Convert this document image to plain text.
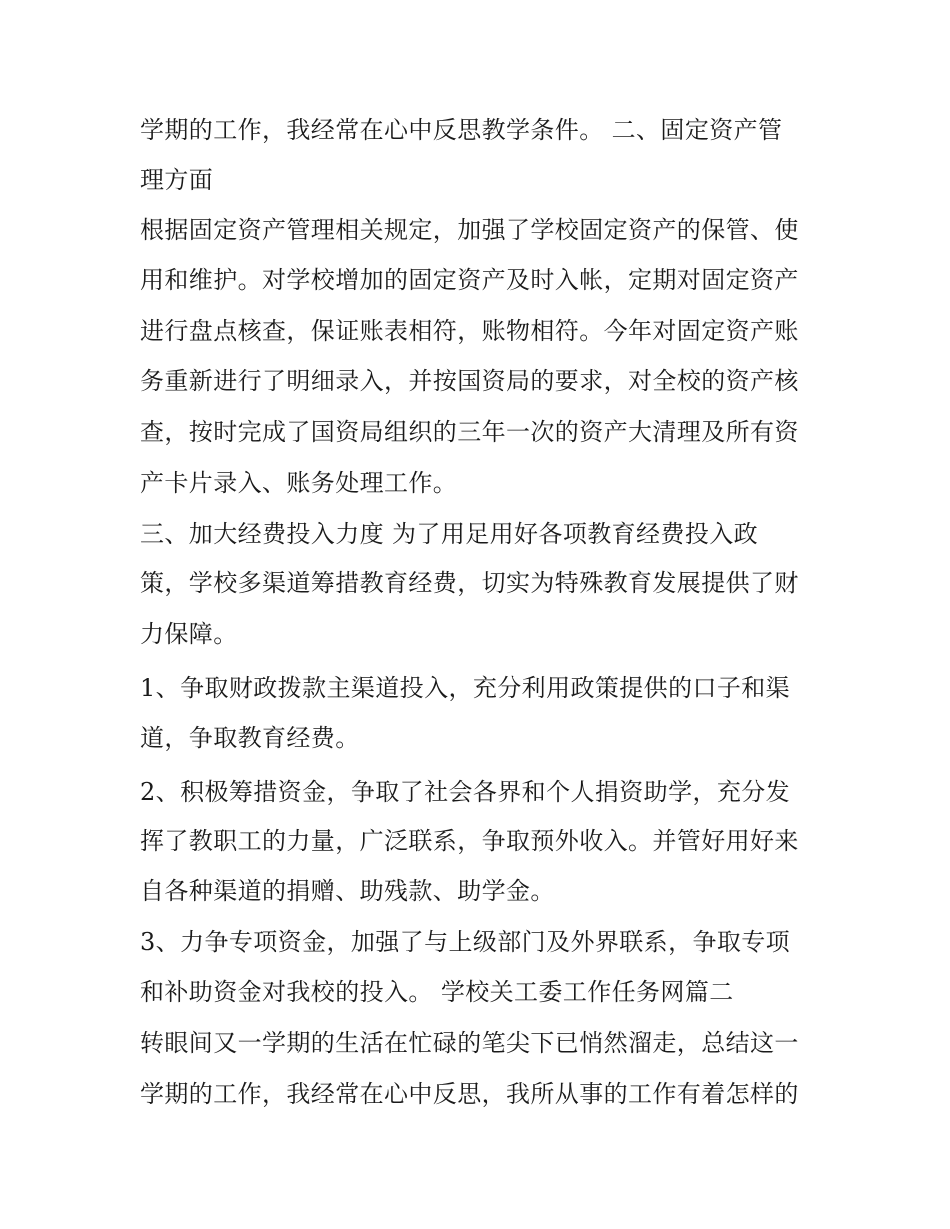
学期的工作，我经常在心中反思教学条件。 二、固定资产管
理方面
根据固定资产管理相关规定，加强了学校固定资产的保管、使
用和维护。对学校增加的固定资产及时入帐，定期对固定资产
进行盘点核查，保证账表相符，账物相符。今年对固定资产账
务重新进行了明细录入，并按国资局的要求，对全校的资产核
查，按时完成了国资局组织的三年一次的资产大清理及所有资
产卡片录入、账务处理工作。
三、加大经费投入力度 为了用足用好各项教育经费投入政
策，学校多渠道筹措教育经费，切实为特殊教育发展提供了财
力保障。
1、争取财政拨款主渠道投入，充分利用政策提供的口子和渠
道，争取教育经费。
2、积极筹措资金，争取了社会各界和个人捐资助学，充分发
挥了教职工的力量，广泛联系，争取预外收入。并管好用好来
自各种渠道的捐赠、助残款、助学金。
3、力争专项资金，加强了与上级部门及外界联系，争取专项
和补助资金对我校的投入。 学校关工委工作任务网篇二
转眼间又一学期的生活在忙碌的笔尖下已悄然溜走，总结这一
学期的工作，我经常在心中反思，我所从事的工作有着怎样的
